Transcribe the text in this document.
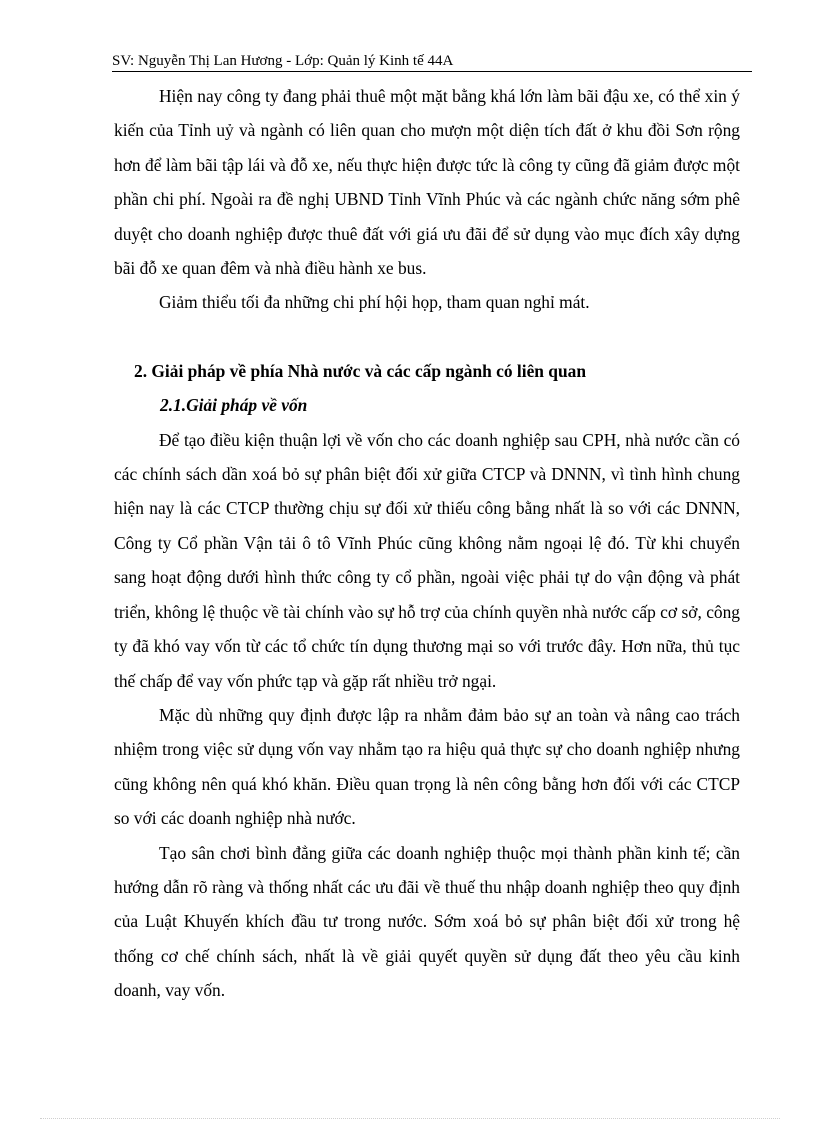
SV: Nguyễn Thị Lan Hương - Lớp: Quản lý Kinh tế 44A

Hiện nay công ty đang phải thuê một mặt bằng khá lớn làm bãi đậu xe, có thể xin ý kiến của Tỉnh uỷ và ngành có liên quan cho mượn một diện tích đất ở khu đồi Sơn rộng hơn để làm bãi tập lái và đỗ xe, nếu thực hiện được tức là công ty cũng đã giảm được một phần chi phí. Ngoài ra đề nghị UBND Tỉnh Vĩnh Phúc và các ngành chức năng sớm phê duyệt cho doanh nghiệp được thuê đất với giá ưu đãi để sử dụng vào mục đích xây dựng bãi đỗ xe quan đêm và nhà điều hành xe bus.

Giảm thiểu tối đa những chi phí hội họp, tham quan nghỉ mát.

2. Giải pháp về phía Nhà nước và các cấp ngành có liên quan

2.1.Giải pháp về vốn

Để tạo điều kiện thuận lợi về vốn cho các doanh nghiệp sau CPH, nhà nước cần có các chính sách dần xoá bỏ sự phân biệt đối xử giữa CTCP và DNNN, vì tình hình chung hiện nay là các CTCP thường chịu sự đối xử thiếu công bằng nhất là so với các DNNN, Công ty Cổ phần Vận tải ô tô Vĩnh Phúc cũng không nằm ngoại lệ đó. Từ khi chuyển sang hoạt động dưới hình thức công ty cổ phần, ngoài việc phải tự do vận động và phát triển, không lệ thuộc về tài chính vào sự hỗ trợ của chính quyền nhà nước cấp cơ sở, công ty đã khó vay vốn từ các tổ chức tín dụng thương mại so với trước đây. Hơn nữa, thủ tục thế chấp để vay vốn phức tạp và gặp rất nhiều trở ngại.

Mặc dù những quy định được lập ra nhằm đảm bảo sự an toàn và nâng cao trách nhiệm trong việc sử dụng vốn vay nhằm tạo ra hiệu quả thực sự cho doanh nghiệp nhưng cũng không nên quá khó khăn. Điều quan trọng là nên công bằng hơn đối với các CTCP so với các doanh nghiệp nhà nước.

Tạo sân chơi bình đẳng giữa các doanh nghiệp thuộc mọi thành phần kinh tế; cần hướng dẫn rõ ràng và thống nhất các ưu đãi về thuế thu nhập doanh nghiệp theo quy định của Luật Khuyến khích đầu tư trong nước. Sớm xoá bỏ sự phân biệt đối xử trong hệ thống cơ chế chính sách, nhất là về giải quyết quyền sử dụng đất theo yêu cầu kinh doanh, vay vốn.
